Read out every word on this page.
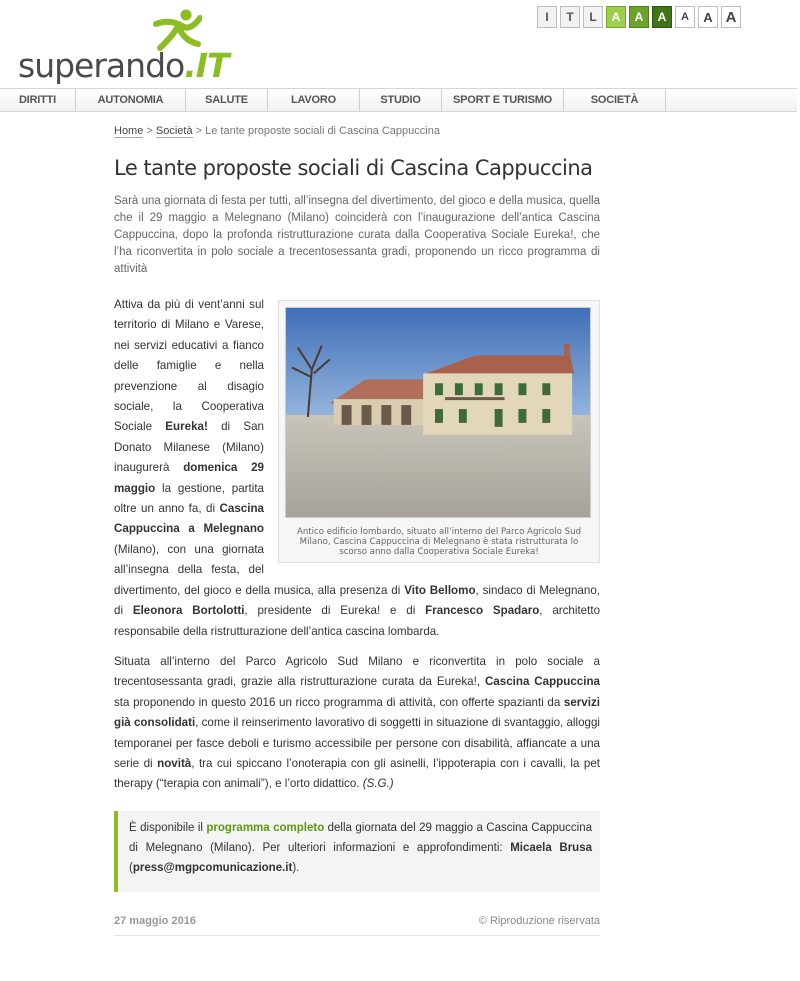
superando.IT
I	T	L	A	A	A	A	A A
DIRITTI	AUTONOMIA	SALUTE	LAVORO	STUDIO	SPORT E TURISMO	SOCIETÀ
Home > Società > Le tante proposte sociali di Cascina Cappuccina
Le tante proposte sociali di Cascina Cappuccina

Sarà una giornata di festa per tutti, all’insegna del divertimento, del gioco e della musica, quella che il 29 maggio a Melegnano (Milano) coinciderà con l’inaugurazione dell’antica Cascina Cappuccina, dopo la profonda ristrutturazione curata dalla Cooperativa Sociale Eureka!, che l’ha riconvertita in polo sociale a trecentosessanta gradi, proponendo un ricco programma di attività

Antico edificio lombardo, situato all’interno del Parco Agricolo Sud Milano, Cascina Cappuccina di Melegnano è stata ristrutturata lo scorso anno dalla Cooperativa Sociale Eureka!

Attiva da più di vent’anni sul territorio di Milano e Varese, nei servizi educativi a fianco delle famiglie e nella prevenzione al disagio sociale, la Cooperativa Sociale Eureka! di San Donato Milanese (Milano) inaugurerà domenica 29 maggio la gestione, partita oltre un anno fa, di Cascina Cappuccina a Melegnano (Milano), con una giornata all’insegna della festa, del divertimento, del gioco e della musica, alla presenza di Vito Bellomo, sindaco di Melegnano, di Eleonora Bortolotti, presidente di Eureka! e di Francesco Spadaro, architetto responsabile della ristrutturazione dell’antica cascina lombarda.

Situata all’interno del Parco Agricolo Sud Milano e riconvertita in polo sociale a trecentosessanta gradi, grazie alla ristrutturazione curata da Eureka!, Cascina Cappuccina sta proponendo in questo 2016 un ricco programma di attività, con offerte spazianti da servizi già consolidati, come il reinserimento lavorativo di soggetti in situazione di svantaggio, alloggi temporanei per fasce deboli e turismo accessibile per persone con disabilità, affiancate a una serie di novità, tra cui spiccano l’onoterapia con gli asinelli, l’ippoterapia con i cavalli, la pet therapy (“terapia con animali”), e l’orto didattico. (S.G.)

È disponibile il programma completo della giornata del 29 maggio a Cascina Cappuccina di Melegnano (Milano). Per ulteriori informazioni e approfondimenti: Micaela Brusa (press@mgpcomunicazione.it).
27 maggio 2016	© Riproduzione riservata
